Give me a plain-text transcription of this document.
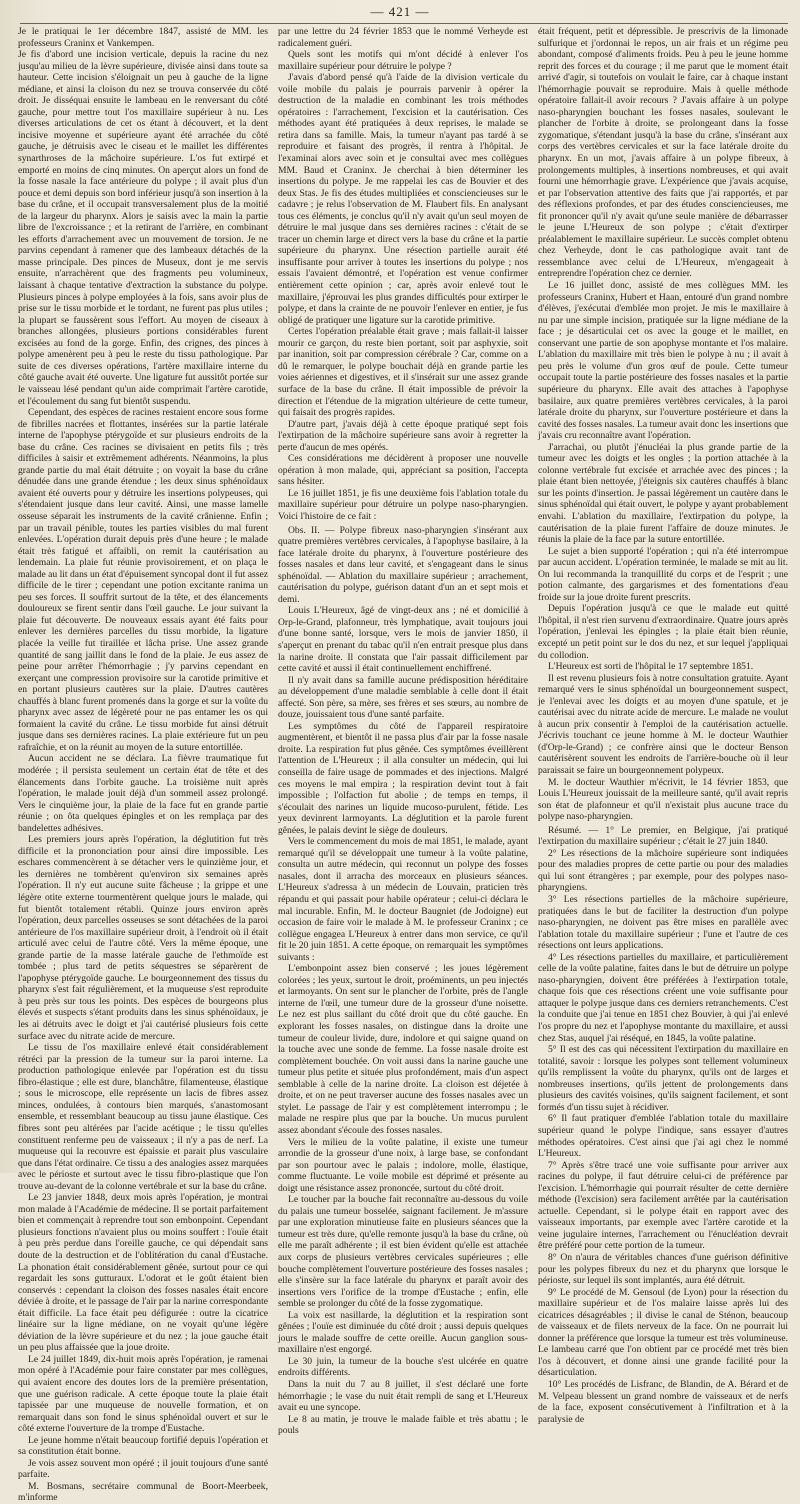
— 421 —

Je le pratiquai le 1er décembre 1847, assisté de MM. les professeurs Craninx et Vankempen.

Je fis d'abord une incision verticale, depuis la racine du nez jusqu'au milieu de la lèvre supérieure, divisée ainsi dans toute sa hauteur. Cette incision s'éloignait un peu à gauche de la ligne médiane, et ainsi la cloison du nez se trouva conservée du côté droit. Je disséquai ensuite le lambeau en le renversant du côté gauche, pour mettre tout l'os maxillaire supérieur à nu. Les diverses articulations de cet os étant à découvert, et la dent incisive moyenne et supérieure ayant été arrachée du côté gauche, je détruisis avec le ciseau et le maillet les différentes synarthroses de la mâchoire supérieure. L'os fut extirpé et emporté en moins de cinq minutes. On aperçut alors un fond de la fosse nasale la face antérieure du polype ; il avait plus d'un pouce et demi depuis son bord inférieur jusqu'à son insertion à la base du crâne, et il occupait transversalement plus de la moitié de la largeur du pharynx. Alors je saisis avec la main la partie libre de l'excroissance ; et la retirant de l'arrière, en combinant les efforts d'arrachement avec un mouvement de torsion. Je ne parvins cependant à ramener que des lambeaux détachés de la masse principale. Des pinces de Museux, dont je me servis ensuite, n'arrachèrent que des fragments peu volumineux, laissant à chaque tentative d'extraction la substance du polype. Plusieurs pinces à polype employées à la fois, sans avoir plus de prise sur le tissu morbide et le tordant, ne furent pas plus utiles ; la plupart se faussèrent sous l'effort. Au moyen de ciseaux à branches allongées, plusieurs portions considérables furent excisées au fond de la gorge. Enfin, des crignes, des pinces à polype amenèrent peu à peu le reste du tissu pathologique. Par suite de ces diverses opérations, l'artère maxillaire interne du côté gauche avait été ouverte. Une ligature fut aussitôt portée sur le vaisseau lésé pendant qu'un aide comprimait l'artère carotide, et l'écoulement du sang fut bientôt suspendu.

Cependant, des espèces de racines restaient encore sous forme de fibrilles nacrées et flottantes, insérées sur la partie latérale interne de l'apophyse ptérygoïde et sur plusieurs endroits de la base du crâne. Ces racines se divisaient en petits fils ; très difficiles à saisir et extrêmement adhérents. Néanmoins, la plus grande partie du mal était détruite ; on voyait la base du crâne dénudée dans une grande étendue ; les deux sinus sphénoïdaux avaient été ouverts pour y détruire les insertions polypeuses, qui s'étendaient jusque dans leur cavité. Ainsi, une masse lamelle osseuse séparait les instruments de la cavité crânienne. Enfin ; par un travail pénible, toutes les parties visibles du mal furent enlevées. L'opération durait depuis près d'une heure ; le malade était très fatigué et affaibli, on remit la cautérisation au lendemain. La plaie fut réunie provisoirement, et on plaça le malade au lit dans un état d'épuisement syncopal dont il fut assez difficile de le tirer ; cependant une potion excitante ranima un peu ses forces. Il souffrit surtout de la tête, et des élancements douloureux se firent sentir dans l'œil gauche. Le jour suivant la plaie fut découverte. De nouveaux essais ayant été faits pour enlever les dernières parcelles du tissu morbide, la ligature placée la veille fut tiraillée et lâcha prise. Une assez grande quantité de sang jaillit dans le fond de la plaie. Je eus assez de peine pour arrêter l'hémorrhagie ; j'y parvins cependant en exerçant une compression provisoire sur la carotide primitive et en portant plusieurs cautères sur la plaie. D'autres cautères chauffés à blanc furent promenés dans la gorge et sur la voûte du pharynx avec assez de légèreté pour ne pas entamer les os qui formaient la cavité du crâne. Le tissu morbide fut ainsi détruit jusque dans ses dernières racines. La plaie extérieure fut un peu rafraîchie, et on la réunit au moyen de la suture entortillée.

Aucun accident ne se déclara. La fièvre traumatique fut modérée ; il persista seulement un certain état de tête et des élancements dans l'orbite gauche. La troisième nuit après l'opération, le malade jouit déjà d'un sommeil assez prolongé. Vers le cinquième jour, la plaie de la face fut en grande partie réunie ; on ôta quelques épingles et on les remplaça par des bandelettes adhésives.

Les premiers jours après l'opération, la déglutition fut très difficile et la prononciation pour ainsi dire impossible. Les eschares commencèrent à se détacher vers le quinzième jour, et les dernières ne tombèrent qu'environ six semaines après l'opération. Il n'y eut aucune suite fâcheuse ; la grippe et une légère otite externe tourmentèrent quelque jours le malade, qui fut bientôt totalement rétabli. Quinze jours environ après l'opération, deux parcelles osseuses se sont détachées de la paroi antérieure de l'os maxillaire supérieur droit, à l'endroit où il était articulé avec celui de l'autre côté. Vers la même époque, une grande partie de la masse latérale gauche de l'ethmoïde est tombée ; plus tard de petits séquestres se séparèrent de l'apophyse ptérygoïde gauche. Le bourgeonnement des tissus du pharynx s'est fait régulièrement, et la muqueuse s'est reproduite à peu près sur tous les points. Des espèces de bourgeons plus élevés et suspects s'étant produits dans les sinus sphénoïdaux, je les ai détruits avec le doigt et j'ai cautérisé plusieurs fois cette surface avec du nitrate acide de mercure.

Le tissu de l'os maxillaire enlevé était considérablement rétréci par la pression de la tumeur sur la paroi interne. La production pathologique enlevée par l'opération est du tissu fibro-élastique ; elle est dure, blanchâtre, filamenteuse, élastique ; sous le microscope, elle représente un lacis de fibres assez minces, ondulées, à contours bien marqués, s'anastomosant ensemble, et ressemblant beaucoup au tissu jaune élastique. Ces fibres sont peu altérées par l'acide acétique ; le tissu qu'elles constituent renferme peu de vaisseaux ; il n'y a pas de nerf. La muqueuse qui la recouvre est épaissie et parait plus vasculaire que dans l'état ordinaire. Ce tissu a des analogies assez marquées avec le périoste et surtout avec le tissu fibro-plastique que l'on trouve au-devant de la colonne vertébrale et sur la base du crâne.

Le 23 janvier 1848, deux mois après l'opération, je montrai mon malade à l'Académie de médecine. Il se portait parfaitement bien et commençait à reprendre tout son embonpoint. Cependant plusieurs fonctions n'avaient plus ou moins souffert : l'ouïe était à peu près perdue dans l'oreille gauche, ce qui dépendait sans doute de la destruction et de l'oblitération du canal d'Eustache. La phonation était considérablement gênée, surtout pour ce qui regardait les sons gutturaux. L'odorat et le goût étaient bien conservés : cependant la cloison des fosses nasales était encore déviée à droite, et le passage de l'air par la narine correspondante était difficile. La face était peu défigurée : outre la cicatrice linéaire sur la ligne médiane, on ne voyait qu'une légère déviation de la lèvre supérieure et du nez ; la joue gauche était un peu plus affaissée que la joue droite.

Le 24 juillet 1849, dix-huit mois après l'opération, je ramenai mon opéré à l'Académie pour faire constater par mes collègues, qui avaient encore des doutes lors de la première présentation, que une guérison radicale. A cette époque toute la plaie était tapissée par une muqueuse de nouvelle formation, et on remarquait dans son fond le sinus sphénoïdal ouvert et sur le côté externe l'ouverture de la trompe d'Eustache.

Le jeune homme n'était beaucoup fortifié depuis l'opération et sa constitution était bonne.

Je vois assez souvent mon opéré ; il jouit toujours d'une santé parfaite.

M. Bosmans, secrétaire communal de Boort-Meerbeek, m'informe

par une lettre du 24 février 1853 que le nommé Verheyde est radicalement guéri.

Quels sont les motifs qui m'ont décidé à enlever l'os maxillaire supérieur pour détruire le polype ?

J'avais d'abord pensé qu'à l'aide de la division verticale du voile mobile du palais je pourrais parvenir à opérer la destruction de la maladie en combinant les trois méthodes opératoires : l'arrachement, l'excision et la cautérisation. Ces méthodes ayant été pratiquées à deux reprises, le malade se retira dans sa famille. Mais, la tumeur n'ayant pas tardé à se reproduire et faisant des progrès, il rentra à l'hôpital. Je l'examinai alors avec soin et je consultai avec mes collègues MM. Baud et Craninx. Je cherchai à bien déterminer les insertions du polype. Je me rappelai les cas de Bouvier et des deux Stas. Je fis des études multipliées et consciencieuses sur le cadavre ; je relus l'observation de M. Flaubert fils. En analysant tous ces éléments, je conclus qu'il n'y avait qu'un seul moyen de détruire le mal jusque dans ses dernières racines : c'était de se tracer un chemin large et direct vers la base du crâne et la partie supérieure du pharynx. Une résection partielle aurait été insuffisante pour arriver à toutes les insertions du polype ; nos essais l'avaient démontré, et l'opération est venue confirmer entièrement cette opinion ; car, après avoir enlevé tout le maxillaire, j'éprouvai les plus grandes difficultés pour extirper le polype, et dans la crainte de ne pouvoir l'enlever en entier, je fus obligé de pratiquer une ligature sur la carotide primitive.

Certes l'opération préalable était grave ; mais fallait-il laisser mourir ce garçon, du reste bien portant, soit par asphyxie, soit par inanition, soit par compression cérébrale ? Car, comme on a dû le remarquer, le polype bouchait déjà en grande partie les voies aériennes et digestives, et il s'insérait sur une assez grande surface de la base du crâne. Il était impossible de prévoir la direction et l'étendue de la migration ultérieure de cette tumeur, qui faisait des progrès rapides.

D'autre part, j'avais déjà à cette époque pratiqué sept fois l'extirpation de la mâchoire supérieure sans avoir à regretter la perte d'aucun de mes opérés.

Ces considérations me décidèrent à proposer une nouvelle opération à mon malade, qui, appréciant sa position, l'accepta sans hésiter.

Le 16 juillet 1851, je fis une deuxième fois l'ablation totale du maxillaire supérieur pour détruire un polype naso-pharyngien. Voici l'histoire de ce fait :

Obs. II. — Polype fibreux naso-pharyngien s'insérant aux quatre premières vertèbres cervicales, à l'apophyse basilaire, à la face latérale droite du pharynx, à l'ouverture postérieure des fosses nasales et dans leur cavité, et s'engageant dans le sinus sphénoïdal. — Ablation du maxillaire supérieur ; arrachement, cautérisation du polype, guérison datant d'un an et sept mois et demi.

Louis L'Heureux, âgé de vingt-deux ans ; né et domicilié à Orp-le-Grand, plafonneur, très lymphatique, avait toujours joui d'une bonne santé, lorsque, vers le mois de janvier 1850, il s'aperçut en prenant du tabac qu'il n'en entrait presque plus dans la narine droite. Il constata que l'air passait difficilement par cette cavité et aussi il était continuellement enchiffrené.

Il n'y avait dans sa famille aucune prédisposition héréditaire au développement d'une maladie semblable à celle dont il était affecté. Son père, sa mère, ses frères et ses sœurs, au nombre de douze, jouissaient tous d'une santé parfaite.

Les symptômes du côté de l'appareil respiratoire augmentèrent, et bientôt il ne passa plus d'air par la fosse nasale droite. La respiration fut plus gênée. Ces symptômes éveillèrent l'attention de L'Heureux ; il alla consulter un médecin, qui lui conseilla de faire usage de pommades et des injections. Malgré ces moyens le mal empira ; la respiration devint tout à fait impossible ; l'olfaction fut abolie ; de temps en temps, il s'écoulait des narines un liquide mucoso-purulent, fétide. Les yeux devinrent larmoyants. La déglutition et la parole furent gênées, le palais devint le siège de douleurs.

Vers le commencement du mois de mai 1851, le malade, ayant remarqué qu'il se développait une tumeur à la voûte palatine, consulta un autre médecin, qui reconnut un polype des fosses nasales, dont il arracha des morceaux en plusieurs séances. L'Heureux s'adressa à un médecin de Louvain, praticien très répandu et qui passait pour habile opérateur ; celui-ci déclara le mal incurable. Enfin, M. le docteur Baugniet (de Jodoigne) eut occasion de faire voir le malade à M. le professeur Craninx ; ce collègue engagea L'Heureux à entrer dans mon service, ce qu'il fit le 20 juin 1851. A cette époque, on remarquait les symptômes suivants :

L'embonpoint assez bien conservé ; les joues légèrement colorées ; les yeux, surtout le droit, proéminents, un peu injectés et larmoyants. On sent sur le plancher de l'orbite, près de l'angle interne de l'œil, une tumeur dure de la grosseur d'une noisette. Le nez est plus saillant du côté droit que du côté gauche. En explorant les fosses nasales, on distingue dans la droite une tumeur de couleur livide, dure, indolore et qui saigne quand on la touche avec une sonde de femme. La fosse nasale droite est complètement bouchée. On voit aussi dans la narine gauche une tumeur plus petite et située plus profondément, mais d'un aspect semblable à celle de la narine droite. La cloison est déjetée à droite, et on ne peut traverser aucune des fosses nasales avec un stylet. Le passage de l'air y est complètement interrompu ; le malade ne respire plus que par la bouche. Un mucus purulent assez abondant s'écoule des fosses nasales.

Vers le milieu de la voûte palatine, il existe une tumeur arrondie de la grosseur d'une noix, à large base, se confondant par son pourtour avec le palais ; indolore, molle, élastique, comme fluctuante. Le voile mobile est déprimé et présente au doigt une résistance assez prononcée, surtout du côté droit.

Le toucher par la bouche fait reconnaître au-dessous du voile du palais une tumeur bosselée, saignant facilement. Je m'assure par une exploration minutieuse faite en plusieurs séances que la tumeur est très dure, qu'elle remonte jusqu'à la base du crâne, où elle me paraît adhérente ; il est bien évident qu'elle est attachée aux corps de plusieurs vertèbres cervicales supérieures ; elle bouche complètement l'ouverture postérieure des fosses nasales ; elle s'insère sur la face latérale du pharynx et paraît avoir des insertions vers l'orifice de la trompe d'Eustache ; enfin, elle semble se prolonger du côté de la fosse zygomatique.

La voix est nasillarde, la déglutition et la respiration sont gênées ; l'ouïe est diminuée du côté droit ; aussi depuis quelques jours le malade souffre de cette oreille. Aucun ganglion sous-maxillaire n'est engorgé.

Le 30 juin, la tumeur de la bouche s'est ulcérée en quatre endroits différents.

Dans la nuit du 7 au 8 juillet, il s'est déclaré une forte hémorrhagie ; le vase du nuit était rempli de sang et L'Heureux avait eu une syncope.

Le 8 au matin, je trouve le malade faible et très abattu ; le pouls

était fréquent, petit et dépressible. Je prescrivis de la limonade sulfurique et j'ordonnai le repos, un air frais et un régime peu abondant, composé d'aliments froids. Peu à peu le jeune homme reprit des forces et du courage ; il me parut que le moment était arrivé d'agir, si toutefois on voulait le faire, car à chaque instant l'hémorrhagie pouvait se reproduire. Mais à quelle méthode opératoire fallait-il avoir recours ? J'avais affaire à un polype naso-pharyngien bouchant les fosses nasales, soulevant le plancher de l'orbite à droite, se prolongeant dans la fosse zygomatique, s'étendant jusqu'à la base du crâne, s'insérant aux corps des vertèbres cervicales et sur la face latérale droite du pharynx. En un mot, j'avais affaire à un polype fibreux, à prolongements multiples, à insertions nombreuses, et qui avait fourni une hémorrhagie grave. L'expérience que j'avais acquise, et par l'observation attentive des faits que j'ai rapportés, et par des réflexions profondes, et par des études consciencieuses, me fit prononcer qu'il n'y avait qu'une seule manière de débarrasser le jeune L'Heureux de son polype ; c'était d'extirper préalablement le maxillaire supérieur. Le succès complet obtenu chez Verheyde, dont le cas pathologique avait tant de ressemblance avec celui de L'Heureux, m'engageait à entreprendre l'opération chez ce dernier.

Le 16 juillet donc, assisté de mes collègues MM. les professeurs Craninx, Hubert et Haan, entouré d'un grand nombre d'élèves, j'exécutai d'emblée mon projet. Je mis le maxillaire à nu par une simple incision, pratiquée sur la ligne médiane de la face ; je désarticulai cet os avec la gouge et le maillet, en conservant une partie de son apophyse montante et l'os malaire. L'ablation du maxillaire mit très bien le polype à nu ; il avait à peu près le volume d'un gros œuf de poule. Cette tumeur occupait toute la partie postérieure des fosses nasales et la partie supérieure du pharynx. Elle avait des attaches à l'apophyse basilaire, aux quatre premières vertèbres cervicales, à la paroi latérale droite du pharynx, sur l'ouverture postérieure et dans la cavité des fosses nasales. La tumeur avait donc les insertions que j'avais cru reconnaître avant l'opération.

J'arrachai, ou plutôt j'énucléai la plus grande partie de la tumeur avec les doigts et les ongles ; la portion attachée à la colonne vertébrale fut excisée et arrachée avec des pinces ; la plaie étant bien nettoyée, j'éteignis six cautères chauffés à blanc sur les points d'insertion. Je passai légèrement un cautère dans le sinus sphénoïdal qui était ouvert, le polype y ayant probablement envahi. L'ablation du maxillaire, l'extirpation du polype, la cautérisation de la plaie furent l'affaire de douze minutes. Je réunis la plaie de la face par la suture entortillée.

Le sujet a bien supporté l'opération ; qui n'a été interrompue par aucun accident. L'opération terminée, le malade se mit au lit. On lui recommanda la tranquillité du corps et de l'esprit ; une potion calmante, des gargarismes et des fomentations d'eau froide sur la joue droite furent prescrits.

Depuis l'opération jusqu'à ce que le malade eut quitté l'hôpital, il n'est rien survenu d'extraordinaire. Quatre jours après l'opération, j'enlevai les épingles ; la plaie était bien réunie, excepté un petit point sur le dos du nez, et sur lequel j'appliquai du collodion.

L'Heureux est sorti de l'hôpital le 17 septembre 1851.

Il est revenu plusieurs fois à notre consultation gratuite. Ayant remarqué vers le sinus sphénoïdal un bourgeonnement suspect, je l'enlevai avec les doigts et au moyen d'une spatule, et je cautérisai avec du nitrate acide de mercure. Le malade ne voulut à aucun prix consentir à l'emploi de la cautérisation actuelle. J'écrivis touchant ce jeune homme à M. le docteur Wauthier (d'Orp-le-Grand) ; ce confrère ainsi que le docteur Benson cautérisèrent souvent les endroits de l'arrière-bouche où il leur paraissait se faire un bourgeonnement polypeux.

M. le docteur Wauthier m'écrivit, le 14 février 1853, que Louis L'Heureux jouissait de la meilleure santé, qu'il avait repris son état de plafonneur et qu'il n'existait plus aucune trace du polype naso-pharyngien.

Résumé. — 1° Le premier, en Belgique, j'ai pratiqué l'extirpation du maxillaire supérieur ; c'était le 27 juin 1840.

2° Les résections de la mâchoire supérieure sont indiquées pour des maladies propres de cette partie ou pour des maladies qui lui sont étrangères ; par exemple, pour des polypes naso-pharyngiens.

3° Les résections partielles de la mâchoire supérieure, pratiquées dans le but de faciliter la destruction d'un polype naso-pharyngien, ne doivent pas être mises en parallèle avec l'ablation totale du maxillaire supérieur ; l'une et l'autre de ces résections ont leurs applications.

4° Les résections partielles du maxillaire, et particulièrement celle de la voûte palatine, faites dans le but de détruire un polype naso-pharyngien, doivent être préférées à l'extirpation totale, chaque fois que ces résections créent une voie suffisante pour attaquer le polype jusque dans ces derniers retranchements. C'est la conduite que j'ai tenue en 1851 chez Bouvier, à qui j'ai enlevé l'os propre du nez et l'apophyse montante du maxillaire, et aussi chez Stas, auquel j'ai réséqué, en 1845, la voûte palatine.

5° Il est des cas qui nécessitent l'extirpation du maxillaire en totalité, savoir : lorsque les polypes sont tellement volumineux qu'ils remplissent la voûte du pharynx, qu'ils ont de larges et nombreuses insertions, qu'ils jettent de prolongements dans plusieurs des cavités voisines, qu'ils saignent facilement, et sont formés d'un tissu sujet à récidiver.

6° Il faut pratiquer d'emblée l'ablation totale du maxillaire supérieur quand le polype l'indique, sans essayer d'autres méthodes opératoires. C'est ainsi que j'ai agi chez le nommé L'Heureux.

7° Après s'être tracé une voie suffisante pour arriver aux racines du polype, il faut détruire celui-ci de préférence par l'excision. L'hémorrhagie qui pourrait résulter de cette dernière méthode (l'excision) sera facilement arrêtée par la cautérisation actuelle. Cependant, si le polype était en rapport avec des vaisseaux importants, par exemple avec l'artère carotide et la veine jugulaire internes, l'arrachement ou l'énucléation devrait être préféré pour cette portion de la tumeur.

8° On n'aura de véritables chances d'une guérison définitive pour les polypes fibreux du nez et du pharynx que lorsque le périoste, sur lequel ils sont implantés, aura été détruit.

9° Le procédé de M. Gensoul (de Lyon) pour la résection du maxillaire supérieur et de l'os malaire laisse après lui des cicatrices désagréables ; il divise le canal de Sténon, beaucoup de vaisseaux et de filets nerveux de la face. On ne pourrait lui donner la préférence que lorsque la tumeur est très volumineuse. Le lambeau carré que l'on obtient par ce procédé met très bien l'os à découvert, et donne ainsi une grande facilité pour la désarticulation.

10° Les procédés de Lisfranc, de Blandin, de A. Bérard et de M. Velpeau blessent un grand nombre de vaisseaux et de nerfs de la face, exposent consécutivement à l'infiltration et à la paralysie de
